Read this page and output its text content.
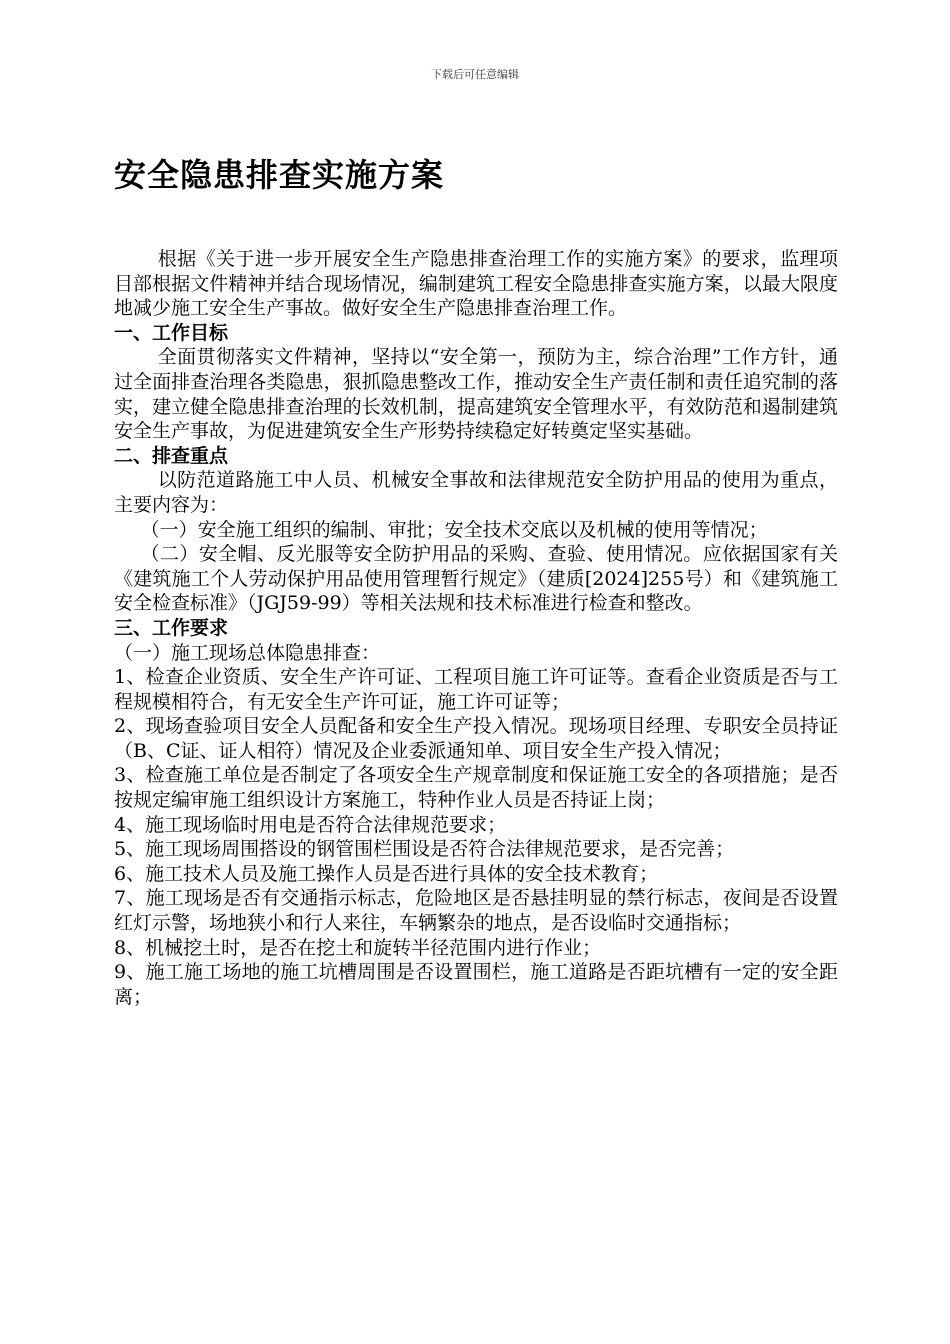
下载后可任意编辑
安全隐患排查实施方案

根据《关于进一步开展安全生产隐患排查治理工作的实施方案》的要求，监理项目部根据文件精神并结合现场情况，编制建筑工程安全隐患排查实施方案，以最大限度地减少施工安全生产事故。做好安全生产隐患排查治理工作。

一、工作目标

全面贯彻落实文件精神，坚持以“安全第一，预防为主，综合治理”工作方针，通过全面排查治理各类隐患，狠抓隐患整改工作，推动安全生产责任制和责任追究制的落实，建立健全隐患排查治理的长效机制，提高建筑安全管理水平，有效防范和遏制建筑安全生产事故，为促进建筑安全生产形势持续稳定好转奠定坚实基础。

二、排查重点

以防范道路施工中人员、机械安全事故和法律规范安全防护用品的使用为重点，主要内容为：

（一）安全施工组织的编制、审批；安全技术交底以及机械的使用等情况；

（二）安全帽、反光服等安全防护用品的采购、查验、使用情况。应依据国家有关《建筑施工个人劳动保护用品使用管理暂行规定》（建质[2024]255号）和《建筑施工安全检查标准》（JGJ59-99）等相关法规和技术标准进行检查和整改。

三、工作要求

（一）施工现场总体隐患排查：

1、检查企业资质、安全生产许可证、工程项目施工许可证等。查看企业资质是否与工程规模相符合，有无安全生产许可证，施工许可证等；

2、现场查验项目安全人员配备和安全生产投入情况。现场项目经理、专职安全员持证（B、C证、证人相符）情况及企业委派通知单、项目安全生产投入情况；

3、检查施工单位是否制定了各项安全生产规章制度和保证施工安全的各项措施；是否按规定编审施工组织设计方案施工，特种作业人员是否持证上岗；

4、施工现场临时用电是否符合法律规范要求；

5、施工现场周围搭设的钢管围栏围设是否符合法律规范要求，是否完善；

6、施工技术人员及施工操作人员是否进行具体的安全技术教育；

7、施工现场是否有交通指示标志，危险地区是否悬挂明显的禁行标志，夜间是否设置红灯示警，场地狭小和行人来往，车辆繁杂的地点，是否设临时交通指标；

8、机械挖土时，是否在挖土和旋转半径范围内进行作业；

9、施工施工场地的施工坑槽周围是否设置围栏，施工道路是否距坑槽有一定的安全距离；
